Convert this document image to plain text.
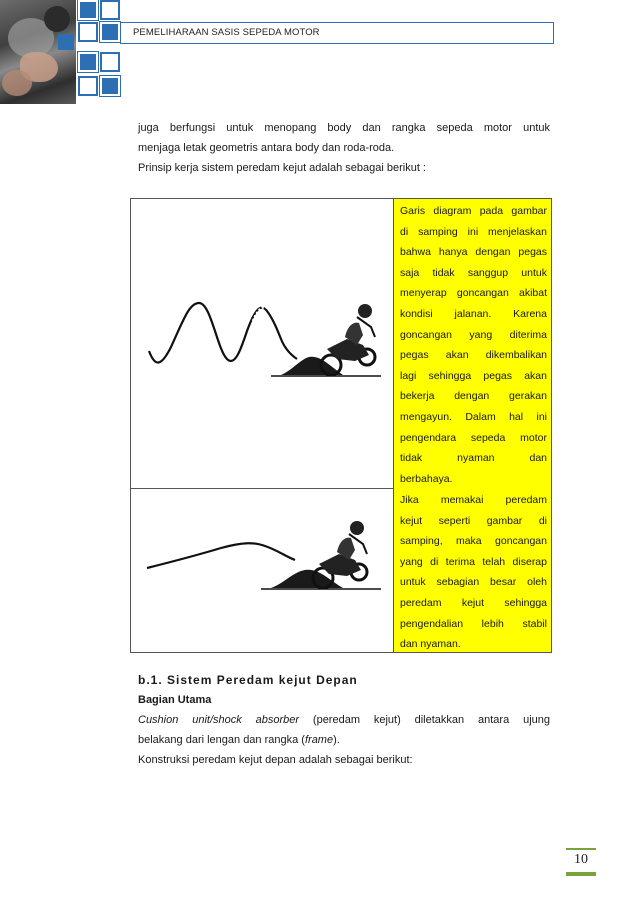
PEMELIHARAAN SASIS SEPEDA MOTOR
juga berfungsi untuk menopang body dan rangka sepeda motor untuk
menjaga letak geometris antara body dan roda-roda.
Prinsip kerja sistem peredam kejut adalah sebagai berikut :
Garis diagram pada gambar
di samping ini menjelaskan
bahwa hanya dengan pegas
saja tidak sanggup untuk
menyerap goncangan akibat
kondisi jalanan. Karena
goncangan yang diterima
pegas akan dikembalikan
lagi sehingga pegas akan
bekerja dengan gerakan
mengayun. Dalam hal ini
pengendara sepeda motor
tidak nyaman dan
berbahaya.
Jika memakai peredam
kejut seperti gambar di
samping, maka goncangan
yang di terima telah diserap
untuk sebagian besar oleh
peredam kejut sehingga
pengendalian lebih stabil
dan nyaman.
b.1. Sistem Peredam kejut Depan
Bagian Utama
Cushion unit/shock absorber (peredam kejut) diletakkan antara ujung
belakang dari lengan dan rangka (frame).
Konstruksi peredam kejut depan adalah sebagai berikut:
10
